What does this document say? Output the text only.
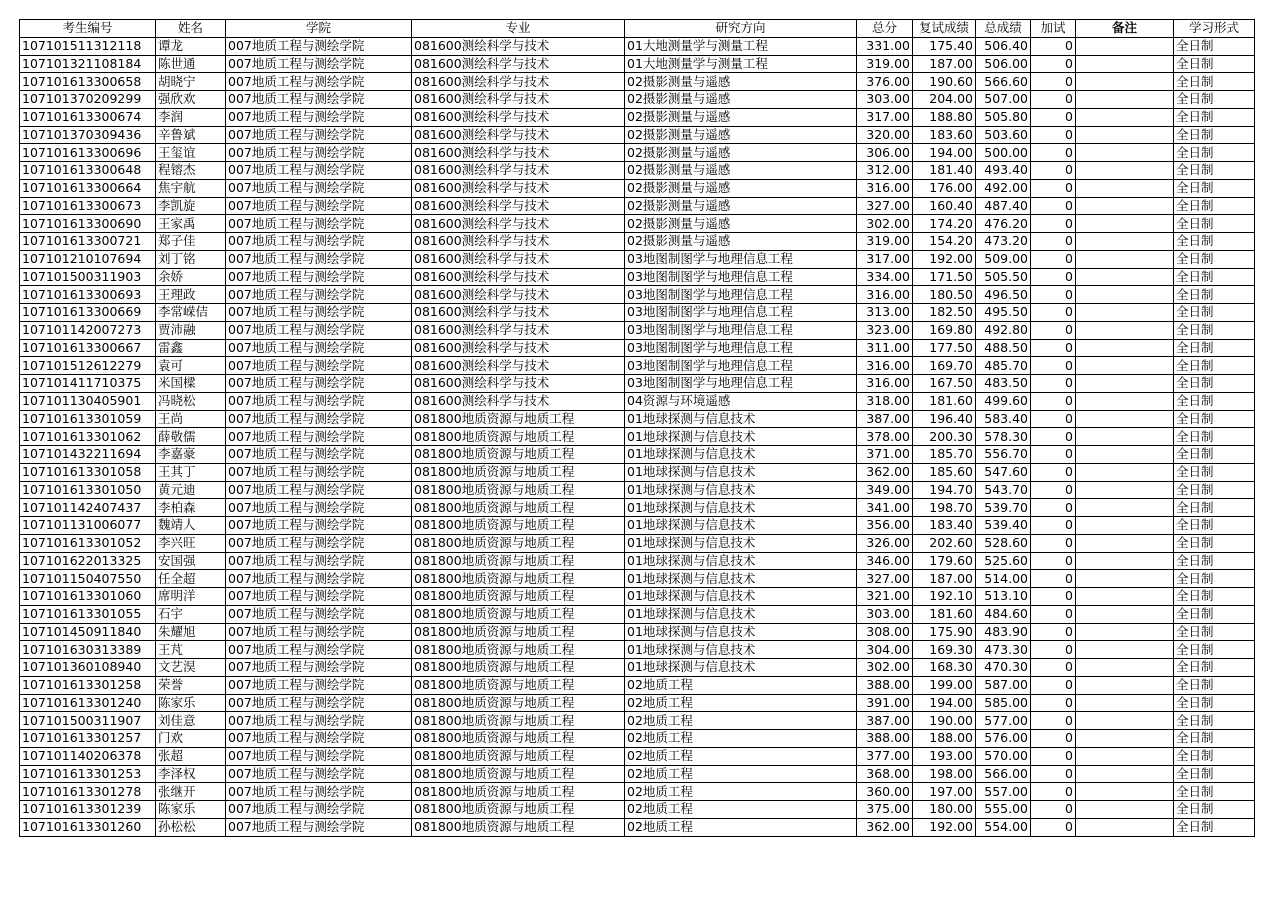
考生编号	姓名	学院	专业	研究方向	总分	复试成绩	总成绩	加试	备注	学习形式
107101511312118	谭龙	007地质工程与测绘学院	081600测绘科学与技术	01大地测量学与测量工程	331.00	175.40	506.40	0		全日制
107101321108184	陈世通	007地质工程与测绘学院	081600测绘科学与技术	01大地测量学与测量工程	319.00	187.00	506.00	0		全日制
107101613300658	胡晓宁	007地质工程与测绘学院	081600测绘科学与技术	02摄影测量与遥感	376.00	190.60	566.60	0		全日制
107101370209299	强欣欢	007地质工程与测绘学院	081600测绘科学与技术	02摄影测量与遥感	303.00	204.00	507.00	0		全日制
107101613300674	李润	007地质工程与测绘学院	081600测绘科学与技术	02摄影测量与遥感	317.00	188.80	505.80	0		全日制
107101370309436	辛鲁斌	007地质工程与测绘学院	081600测绘科学与技术	02摄影测量与遥感	320.00	183.60	503.60	0		全日制
107101613300696	王玺谊	007地质工程与测绘学院	081600测绘科学与技术	02摄影测量与遥感	306.00	194.00	500.00	0		全日制
107101613300648	程镕杰	007地质工程与测绘学院	081600测绘科学与技术	02摄影测量与遥感	312.00	181.40	493.40	0		全日制
107101613300664	焦宇航	007地质工程与测绘学院	081600测绘科学与技术	02摄影测量与遥感	316.00	176.00	492.00	0		全日制
107101613300673	李凯旋	007地质工程与测绘学院	081600测绘科学与技术	02摄影测量与遥感	327.00	160.40	487.40	0		全日制
107101613300690	王家禹	007地质工程与测绘学院	081600测绘科学与技术	02摄影测量与遥感	302.00	174.20	476.20	0		全日制
107101613300721	郑子佳	007地质工程与测绘学院	081600测绘科学与技术	02摄影测量与遥感	319.00	154.20	473.20	0		全日制
107101210107694	刘丁铭	007地质工程与测绘学院	081600测绘科学与技术	03地图制图学与地理信息工程	317.00	192.00	509.00	0		全日制
107101500311903	余娇	007地质工程与测绘学院	081600测绘科学与技术	03地图制图学与地理信息工程	334.00	171.50	505.50	0		全日制
107101613300693	王理政	007地质工程与测绘学院	081600测绘科学与技术	03地图制图学与地理信息工程	316.00	180.50	496.50	0		全日制
107101613300669	李常嵘佶	007地质工程与测绘学院	081600测绘科学与技术	03地图制图学与地理信息工程	313.00	182.50	495.50	0		全日制
107101142007273	贾沛融	007地质工程与测绘学院	081600测绘科学与技术	03地图制图学与地理信息工程	323.00	169.80	492.80	0		全日制
107101613300667	雷鑫	007地质工程与测绘学院	081600测绘科学与技术	03地图制图学与地理信息工程	311.00	177.50	488.50	0		全日制
107101512612279	袁可	007地质工程与测绘学院	081600测绘科学与技术	03地图制图学与地理信息工程	316.00	169.70	485.70	0		全日制
107101411710375	米国樑	007地质工程与测绘学院	081600测绘科学与技术	03地图制图学与地理信息工程	316.00	167.50	483.50	0		全日制
107101130405901	冯晓松	007地质工程与测绘学院	081600测绘科学与技术	04资源与环境遥感	318.00	181.60	499.60	0		全日制
107101613301059	王尚	007地质工程与测绘学院	081800地质资源与地质工程	01地球探测与信息技术	387.00	196.40	583.40	0		全日制
107101613301062	薛敬儒	007地质工程与测绘学院	081800地质资源与地质工程	01地球探测与信息技术	378.00	200.30	578.30	0		全日制
107101432211694	李嘉豪	007地质工程与测绘学院	081800地质资源与地质工程	01地球探测与信息技术	371.00	185.70	556.70	0		全日制
107101613301058	王其丁	007地质工程与测绘学院	081800地质资源与地质工程	01地球探测与信息技术	362.00	185.60	547.60	0		全日制
107101613301050	黄元迪	007地质工程与测绘学院	081800地质资源与地质工程	01地球探测与信息技术	349.00	194.70	543.70	0		全日制
107101142407437	李柏森	007地质工程与测绘学院	081800地质资源与地质工程	01地球探测与信息技术	341.00	198.70	539.70	0		全日制
107101131006077	魏靖人	007地质工程与测绘学院	081800地质资源与地质工程	01地球探测与信息技术	356.00	183.40	539.40	0		全日制
107101613301052	李兴旺	007地质工程与测绘学院	081800地质资源与地质工程	01地球探测与信息技术	326.00	202.60	528.60	0		全日制
107101622013325	安国强	007地质工程与测绘学院	081800地质资源与地质工程	01地球探测与信息技术	346.00	179.60	525.60	0		全日制
107101150407550	任全超	007地质工程与测绘学院	081800地质资源与地质工程	01地球探测与信息技术	327.00	187.00	514.00	0		全日制
107101613301060	席明洋	007地质工程与测绘学院	081800地质资源与地质工程	01地球探测与信息技术	321.00	192.10	513.10	0		全日制
107101613301055	石宇	007地质工程与测绘学院	081800地质资源与地质工程	01地球探测与信息技术	303.00	181.60	484.60	0		全日制
107101450911840	朱耀旭	007地质工程与测绘学院	081800地质资源与地质工程	01地球探测与信息技术	308.00	175.90	483.90	0		全日制
107101630313389	王芃	007地质工程与测绘学院	081800地质资源与地质工程	01地球探测与信息技术	304.00	169.30	473.30	0		全日制
107101360108940	文艺淏	007地质工程与测绘学院	081800地质资源与地质工程	01地球探测与信息技术	302.00	168.30	470.30	0		全日制
107101613301258	荣誉	007地质工程与测绘学院	081800地质资源与地质工程	02地质工程	388.00	199.00	587.00	0		全日制
107101613301240	陈家乐	007地质工程与测绘学院	081800地质资源与地质工程	02地质工程	391.00	194.00	585.00	0		全日制
107101500311907	刘佳意	007地质工程与测绘学院	081800地质资源与地质工程	02地质工程	387.00	190.00	577.00	0		全日制
107101613301257	门欢	007地质工程与测绘学院	081800地质资源与地质工程	02地质工程	388.00	188.00	576.00	0		全日制
107101140206378	张超	007地质工程与测绘学院	081800地质资源与地质工程	02地质工程	377.00	193.00	570.00	0		全日制
107101613301253	李泽权	007地质工程与测绘学院	081800地质资源与地质工程	02地质工程	368.00	198.00	566.00	0		全日制
107101613301278	张继开	007地质工程与测绘学院	081800地质资源与地质工程	02地质工程	360.00	197.00	557.00	0		全日制
107101613301239	陈家乐	007地质工程与测绘学院	081800地质资源与地质工程	02地质工程	375.00	180.00	555.00	0		全日制
107101613301260	孙松松	007地质工程与测绘学院	081800地质资源与地质工程	02地质工程	362.00	192.00	554.00	0		全日制
